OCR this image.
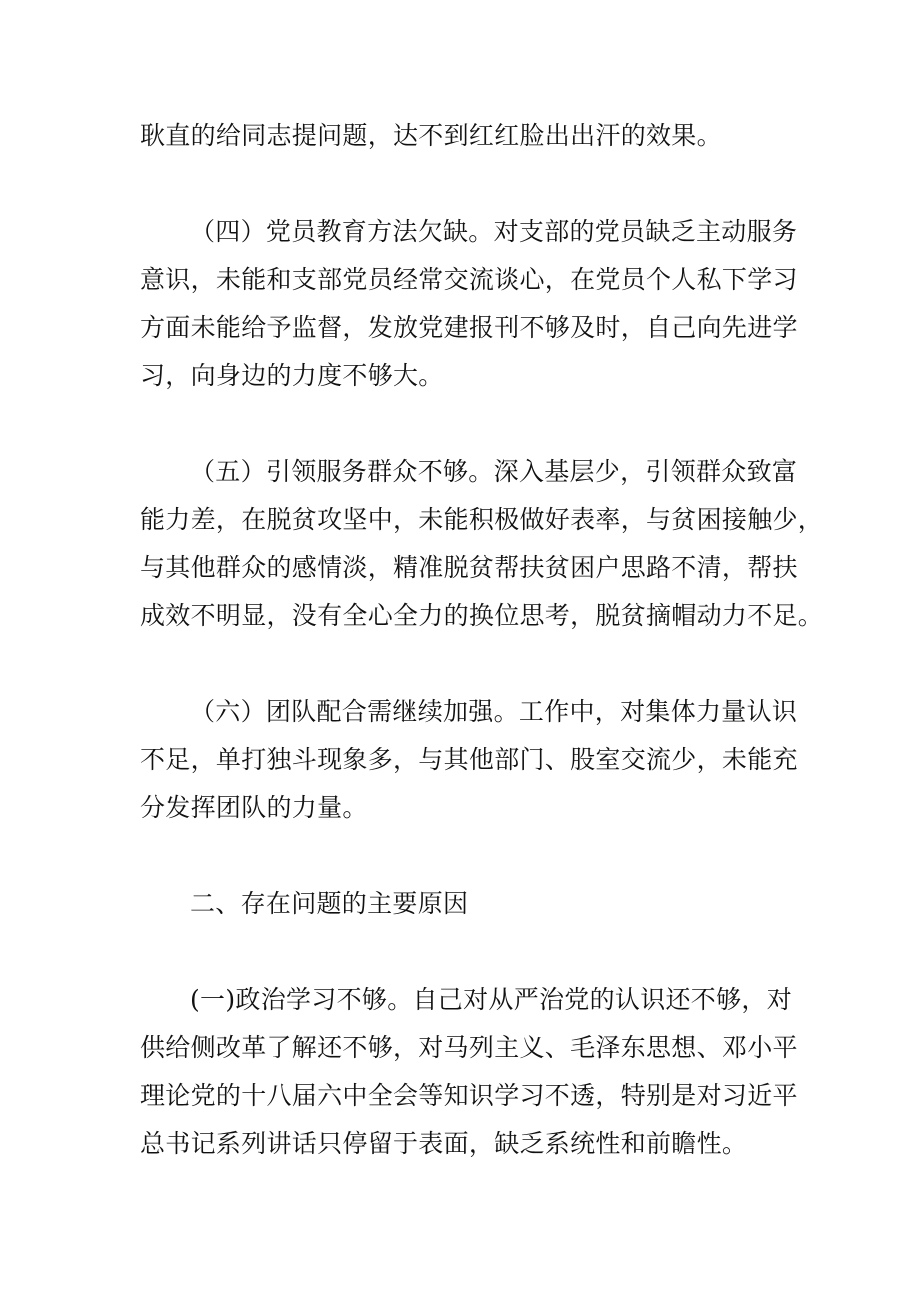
耿直的给同志提问题，达不到红红脸出出汗的效果。

（四）党员教育方法欠缺。对支部的党员缺乏主动服务
意识，未能和支部党员经常交流谈心，在党员个人私下学习
方面未能给予监督，发放党建报刊不够及时，自己向先进学
习，向身边的力度不够大。

（五）引领服务群众不够。深入基层少，引领群众致富
能力差，在脱贫攻坚中，未能积极做好表率，与贫困接触少，
与其他群众的感情淡，精准脱贫帮扶贫困户思路不清，帮扶
成效不明显，没有全心全力的换位思考，脱贫摘帽动力不足。

（六）团队配合需继续加强。工作中，对集体力量认识
不足，单打独斗现象多，与其他部门、股室交流少，未能充
分发挥团队的力量。

二、存在问题的主要原因

(一)政治学习不够。自己对从严治党的认识还不够，对
供给侧改革了解还不够，对马列主义、毛泽东思想、邓小平
理论党的十八届六中全会等知识学习不透，特别是对习近平
总书记系列讲话只停留于表面，缺乏系统性和前瞻性。
